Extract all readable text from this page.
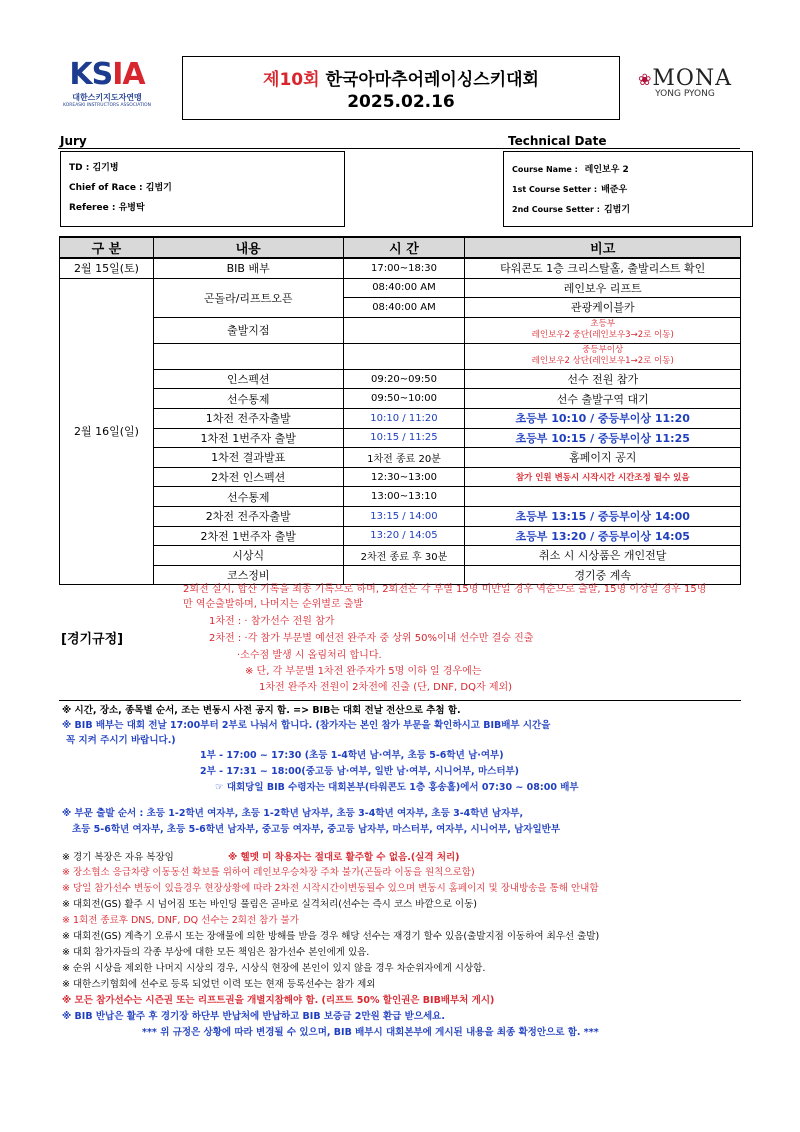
KSIA
대한스키지도자연맹
KOREASKI INSTRUCTORS ASSOCIATION
제10회 한국아마추어레이싱스키대회
2025.02.16
❀MONA
YONG PYONG
Jury	Technical Date
TD : 김기병
Chief of Race : 김범기
Referee : 유병탁
Course Name : 레인보우 2
1st Course Setter : 배준우
2nd Course Setter : 김범기
구 분	내용	시 간	비고
2월 15일(토)	BIB 배부	17:00~18:30	타워콘도 1층 크리스탈홀, 출발리스트 확인
2월 16일(일)	곤돌라/리프트오픈	08:40:00 AM	레인보우 리프트
		08:40:00 AM	관광케이블카
	출발지점		초등부
레인보우2 중단(레인보우3→2로 이동)

			중등부이상
레인보우2 상단(레인보우1→2로 이동)

	인스펙션	09:20~09:50	선수 전원 참가
	선수통제	09:50~10:00	선수 출발구역 대기
	1차전 전주자출발	10:10 / 11:20	초등부 10:10 / 중등부이상 11:20
	1차전 1번주자 출발	10:15 / 11:25	초등부 10:15 / 중등부이상 11:25
	1차전 결과발표	1차전 종료 20분	홈페이지 공지
	2차전 인스펙션	12:30~13:00	참가 인원 변동시 시작시간 시간조정 될수 있음
	선수통제	13:00~13:10	
	2차전 전주자출발	13:15 / 14:00	초등부 13:15 / 중등부이상 14:00
	2차전 1번주자 출발	13:20 / 14:05	초등부 13:20 / 중등부이상 14:05
	시상식	2차전 종료 후 30분	취소 시 시상품은 개인전달
	코스정비		경기중 계속
[경기규정]
2회전 실시, 합산 기록을 최종 기록으로 하며, 2회전은 각 부별 15명 미만일 경우 역순으로 출발, 15명 이상일 경우 15명
만 역순출발하며, 나머지는 순위별로 출발
1차전 : · 참가선수 전원 참가
2차전 : ·각 참가 부문별 예선전 완주자 중 상위 50%이내 선수만 결승 진출
·소수점 발생 시 올림처리 합니다.
※ 단, 각 부문별 1차전 완주자가 5명 이하 일 경우에는
1차전 완주자 전원이 2차전에 진출 (단, DNF, DQ자 제외)
※ 시간, 장소, 종목별 순서, 조는 변동시 사전 공지 함. => BIB는 대회 전날 전산으로 추첨 함.
※ BIB 배부는 대회 전날 17:00부터 2부로 나눠서 합니다. (참가자는 본인 참가 부문을 확인하시고 BIB배부 시간을
꼭 지켜 주시기 바랍니다.)
1부 - 17:00 ~ 17:30 (초등 1-4학년 남·여부, 초등 5-6학년 남·여부)
2부 - 17:31 ~ 18:00(중고등 남·여부, 일반 남·여부, 시니어부, 마스터부)
☞ 대회당일 BIB 수령자는 대회본부(타워콘도 1층 홍송홀)에서 07:30 ~ 08:00 배부
※ 부문 출발 순서 : 초등 1-2학년 여자부, 초등 1-2학년 남자부, 초등 3-4학년 여자부, 초등 3-4학년 남자부,
초등 5-6학년 여자부, 초등 5-6학년 남자부, 중고등 여자부, 중고등 남자부, 마스터부, 여자부, 시니어부, 남자일반부
※ 경기 복장은 자유 복장임	※ 헬멧 미 착용자는 절대로 활주할 수 없음.(실격 처리)
※ 장소협소 응급차량 이동동선 확보를 위하여 레인보우승차장 주차 불가(곤돌라 이동을 원칙으로함)
※ 당일 참가선수 변동이 있을경우 현장상황에 따라 2차전 시작시간이변동될수 있으며 변동시 홈페이지 및 장내방송을 통해 안내함
※ 대회전(GS) 활주 시 넘어짐 또는 바인딩 풀림은 곧바로 실격처리(선수는 즉시 코스 바깥으로 이동)
※ 1회전 종료후 DNS, DNF, DQ 선수는 2회전 참가 불가
※ 대회전(GS) 계측기 오류시 또는 장애물에 의한 방해를 받을 경우 해당 선수는 재경기 할수 있음(출발지점 이동하여 최우선 출발)
※ 대회 참가자들의 각종 부상에 대한 모든 책임은 참가선수 본인에게 있음.
※ 순위 시상을 제외한 나머지 시상의 경우, 시상식 현장에 본인이 있지 않을 경우 차순위자에게 시상함.
※ 대한스키협회에 선수로 등록 되었던 이력 또는 현재 등록선수는 참가 제외
※ 모든 참가선수는 시즌권 또는 리프트권을 개별지참해야 함. (리프트 50% 할인권은 BIB배부처 게시)
※ BIB 반납은 활주 후 경기장 하단부 반납처에 반납하고 BIB 보증금 2만원 환급 받으세요.
*** 위 규정은 상황에 따라 변경될 수 있으며, BIB 배부시 대회본부에 게시된 내용을 최종 확정안으로 함. ***
